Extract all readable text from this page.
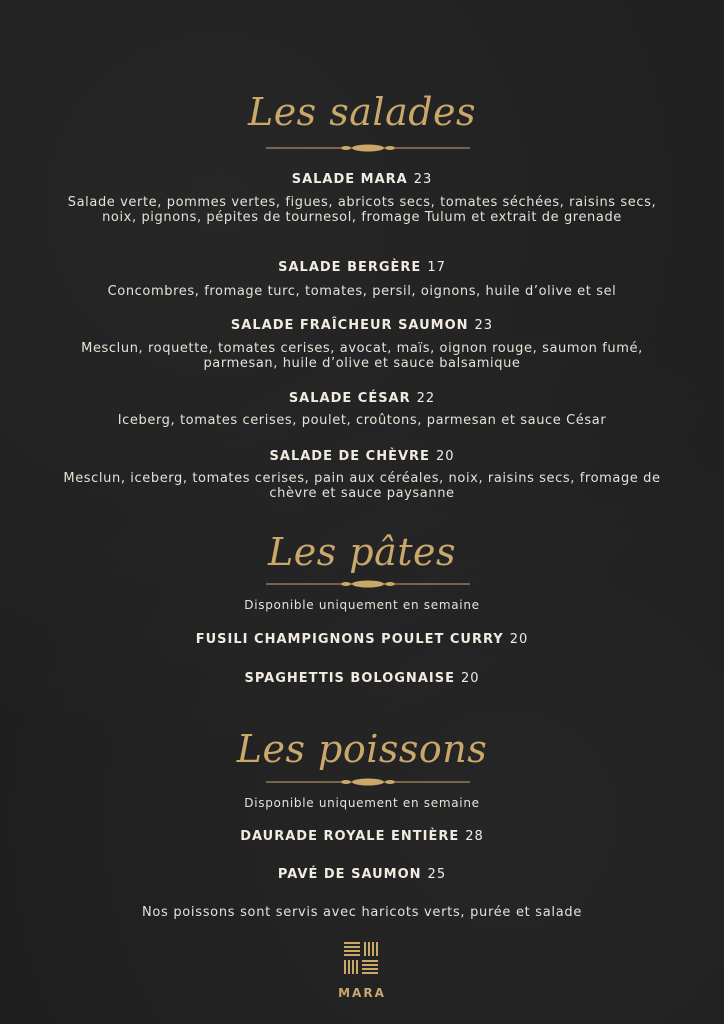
Les salades
SALADE MARA 23
Salade verte, pommes vertes, figues, abricots secs, tomates séchées, raisins secs, noix, pignons, pépites de tournesol, fromage Tulum et extrait de grenade
SALADE BERGÈRE 17
Concombres, fromage turc, tomates, persil, oignons, huile d’olive et sel
SALADE FRAÎCHEUR SAUMON 23
Mesclun, roquette, tomates cerises, avocat, maïs, oignon rouge, saumon fumé, parmesan, huile d’olive et sauce balsamique
SALADE CÉSAR 22
Iceberg, tomates cerises, poulet, croûtons, parmesan et sauce César
SALADE DE CHÈVRE 20
Mesclun, iceberg, tomates cerises, pain aux céréales, noix, raisins secs, fromage de chèvre et sauce paysanne
Les pâtes
Disponible uniquement en semaine
FUSILI CHAMPIGNONS POULET CURRY 20
SPAGHETTIS BOLOGNAISE 20
Les poissons
Disponible uniquement en semaine
DAURADE ROYALE ENTIÈRE 28
PAVÉ DE SAUMON 25
Nos poissons sont servis avec haricots verts, purée et salade
MARA
